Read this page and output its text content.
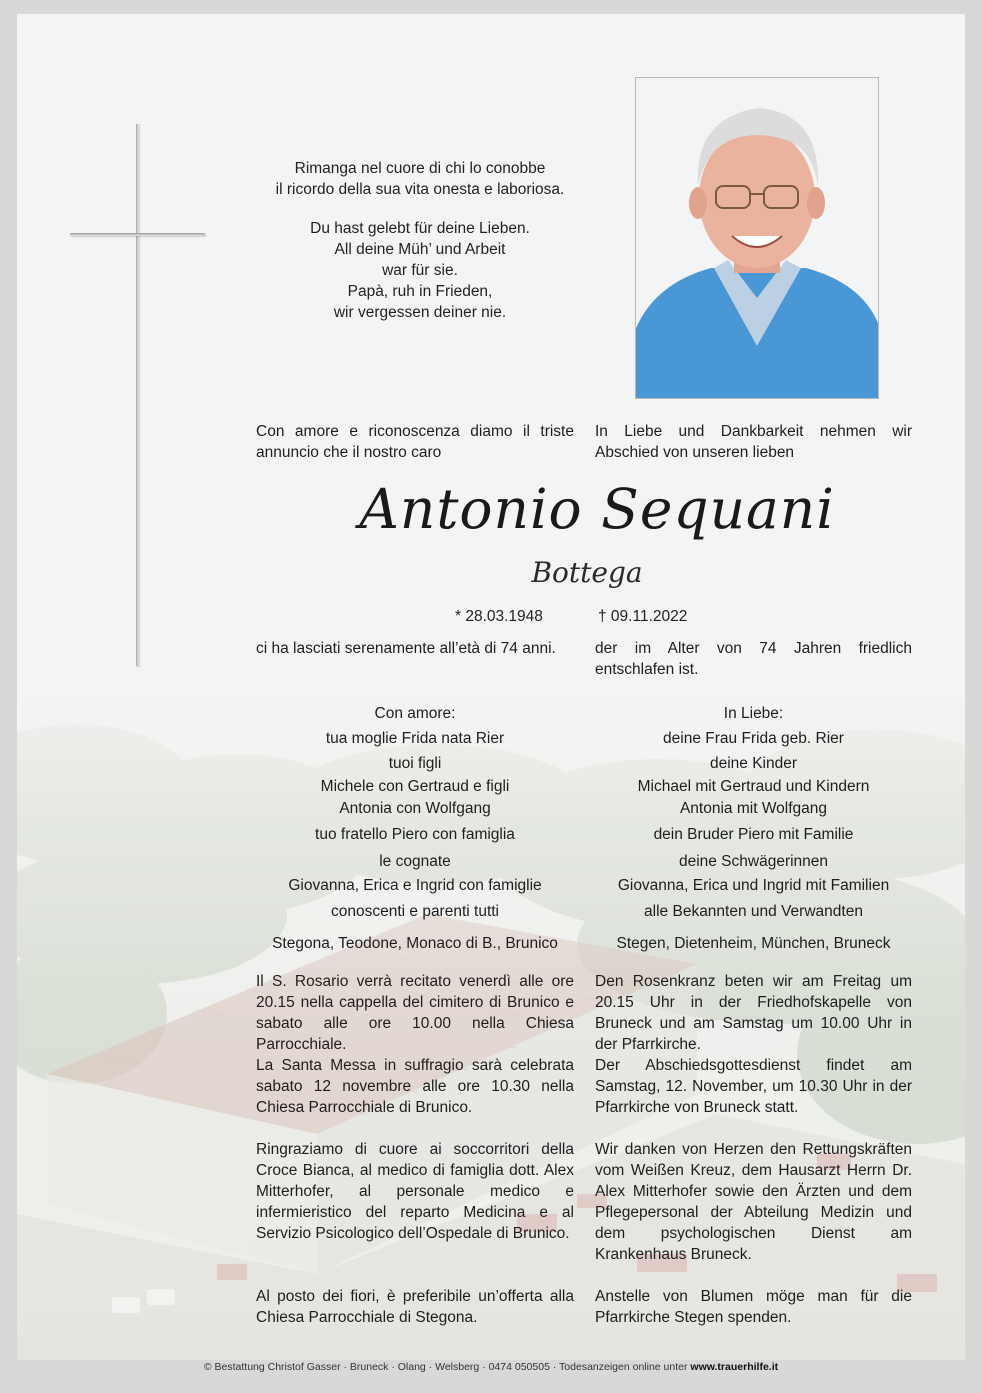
Rimanga nel cuore di chi lo conobbe

il ricordo della sua vita onesta e laboriosa.

Du hast gelebt für deine Lieben.

All deine Müh’ und Arbeit

war für sie.

Papà, ruh in Frieden,

wir vergessen deiner nie.

Con amore e riconoscenza diamo il triste annuncio che il nostro caro
In Liebe und Dankbarkeit nehmen wir Abschied von unseren lieben
Antonio Sequani
Bottega
* 28.03.1948	† 09.11.2022
ci ha lasciati serenamente all’età di 74 anni.	der im Alter von 74 Jahren friedlich entschlafen ist.

Con amore:

tua moglie Frida nata Rier

tuoi figli

Michele con Gertraud e figli

Antonia con Wolfgang

tuo fratello Piero con famiglia

le cognate

Giovanna, Erica e Ingrid con famiglie

conoscenti e parenti tutti

Stegona, Teodone, Monaco di B., Brunico

In Liebe:

deine Frau Frida geb. Rier

deine Kinder

Michael mit Gertraud und Kindern

Antonia mit Wolfgang

dein Bruder Piero mit Familie

deine Schwägerinnen

Giovanna, Erica und Ingrid mit Familien

alle Bekannten und Verwandten

Stegen, Dietenheim, München, Bruneck

Il S. Rosario verrà recitato venerdì alle ore 20.15 nella cappella del cimitero di Brunico e sabato alle ore 10.00 nella Chiesa Parrocchiale.
La Santa Messa in suffragio sarà celebrata sabato 12 novembre alle ore 10.30 nella Chiesa Parrocchiale di Brunico.
Ringraziamo di cuore ai soccorritori della Croce Bianca, al medico di famiglia dott. Alex Mitterhofer, al personale medico e infermieristico del reparto Medicina e al Servizio Psicologico dell’Ospedale di Brunico.
Al posto dei fiori, è preferibile un’offerta alla Chiesa Parrocchiale di Stegona.
Den Rosenkranz beten wir am Freitag um 20.15 Uhr in der Friedhofskapelle von Bruneck und am Samstag um 10.00 Uhr in der Pfarrkirche.
Der Abschiedsgottesdienst findet am Samstag, 12. November, um 10.30 Uhr in der Pfarrkirche von Bruneck statt.
Wir danken von Herzen den Rettungskräften vom Weißen Kreuz, dem Hausarzt Herrn Dr. Alex Mitterhofer sowie den Ärzten und dem Pflegepersonal der Abteilung Medizin und dem psychologischen Dienst am Krankenhaus Bruneck.
Anstelle von Blumen möge man für die Pfarrkirche Stegen spenden.
© Bestattung Christof Gasser · Bruneck · Olang · Welsberg · 0474 050505 · Todesanzeigen online unter www.trauerhilfe.it
